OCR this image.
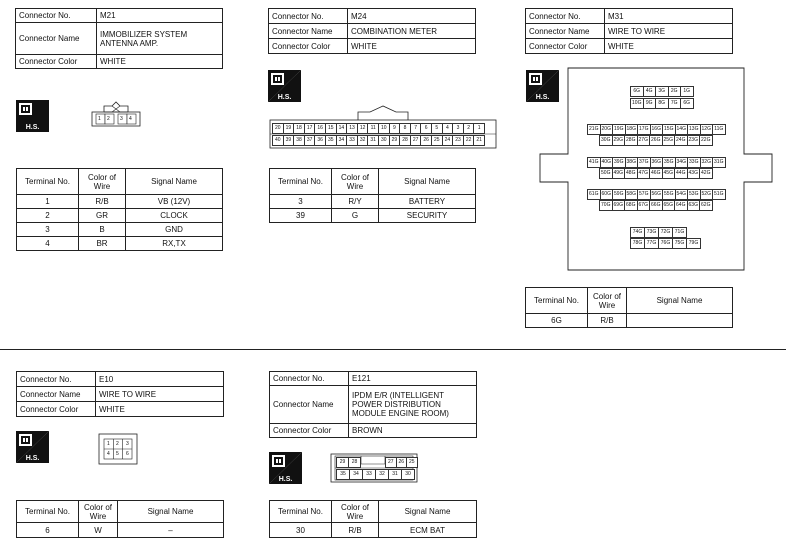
Connector No.	M21
Connector Name	IMMOBILIZER SYSTEM ANTENNA AMP.
Connector Color	WHITE
H.S.
1 2 3 4
Terminal No.	Color of Wire	Signal Name
1	R/B	VB (12V)
2	GR	CLOCK
3	B	GND
4	BR	RX,TX
Connector No.	M24
Connector Name	COMBINATION METER
Connector Color	WHITE
H.S.
20	19	18	17	16	15	14	13	12	11	10	9	8	7	6	5	4	3	2	1
40	39	38	37	36	35	34	33	32	31	30	29	28	27	26	25	24	23	22	21
Terminal No.	Color of Wire	Signal Name
3	R/Y	BATTERY
39	G	SECURITY
Connector No.	M31
Connector Name	WIRE TO WIRE
Connector Color	WHITE
H.S.
6G	4G	3G	2G	1G
10G 9G	8G	7G	6G
21G 20G 19G 18G 17G 16G 15G 14G 13G 12G 11G
30G 29G 28G 27G 26G 25G 24G 23G 22G
41G 40G 39G 38G 37G 36G 35G 34G 33G 32G 31G
50G 49G 48G 47G 46G 45G 44G 43G 42G
61G 60G 59G 58G 57G 56G 55G 54G 53G 52G 51G
70G 69G 68G 67G 66G 65G 64G 63G 62G
74G 73G 72G 71G
78G 77G 76G 75G 79G
Terminal No.	Color of Wire	Signal Name
6G	R/B	
Connector No.	E10
Connector Name	WIRE TO WIRE
Connector Color	WHITE
H.S.
1 2 3
4 5 6
Terminal No.	Color of Wire	Signal Name
6	W	–
Connector No.	E121
Connector Name	IPDM E/R (INTELLIGENT POWER DISTRIBUTION MODULE ENGINE ROOM)
Connector Color	BROWN
H.S.
29	28	27 26 25
35	34	33	32	31	30
Terminal No.	Color of Wire	Signal Name
30	R/B	ECM BAT
